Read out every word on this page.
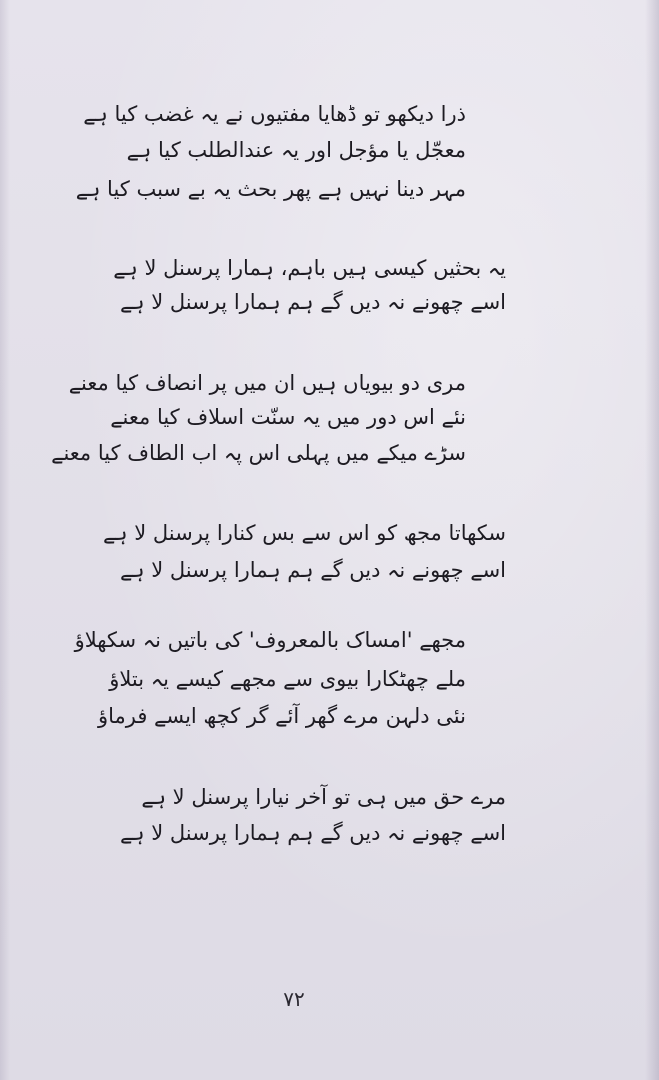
ذرا دیکھو تو ڈھایا مفتیوں نے یہ غضب کیا ہے
معجّل یا مؤجل اور یہ عندالطلب کیا ہے
مہر دینا نہیں ہے پھر بحث یہ بے سبب کیا ہے
یہ بحثیں کیسی ہیں باہم، ہمارا پرسنل لا ہے
اسے چھونے نہ دیں گے ہم ہمارا پرسنل لا ہے
مری دو بیویاں ہیں ان میں پر انصاف کیا معنے
نئے اس دور میں یہ سنّت اسلاف کیا معنے
سڑے میکے میں پہلی اس پہ اب الطاف کیا معنے
سکھاتا مجھ کو اس سے بس کنارا پرسنل لا ہے
اسے چھونے نہ دیں گے ہم ہمارا پرسنل لا ہے
مجھے 'امساک بالمعروف' کی باتیں نہ سکھلاؤ
ملے چھٹکارا بیوی سے مجھے کیسے یہ بتلاؤ
نئی دلہن مرے گھر آئے گر کچھ ایسے فرماؤ
مرے حق میں ہی تو آخر نیارا پرسنل لا ہے
اسے چھونے نہ دیں گے ہم ہمارا پرسنل لا ہے
۷۲
